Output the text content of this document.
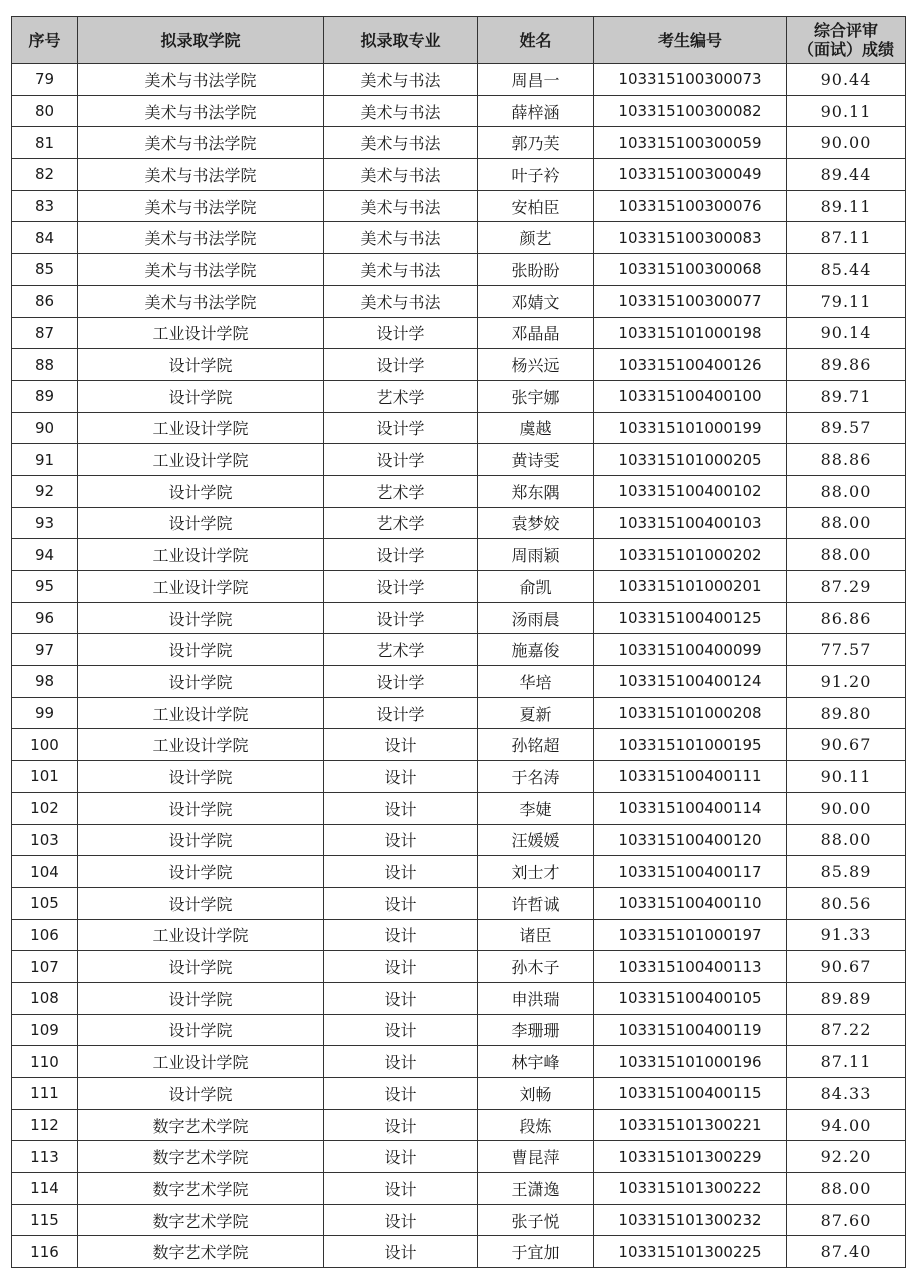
序号	拟录取学院	拟录取专业	姓名	考生编号	综合评审
（面试）成绩

79	美术与书法学院	美术与书法	周昌一	103315100300073	90.44
80	美术与书法学院	美术与书法	薛梓涵	103315100300082	90.11
81	美术与书法学院	美术与书法	郭乃芙	103315100300059	90.00
82	美术与书法学院	美术与书法	叶子衿	103315100300049	89.44
83	美术与书法学院	美术与书法	安柏臣	103315100300076	89.11
84	美术与书法学院	美术与书法	颜艺	103315100300083	87.11
85	美术与书法学院	美术与书法	张盼盼	103315100300068	85.44
86	美术与书法学院	美术与书法	邓婧文	103315100300077	79.11
87	工业设计学院	设计学	邓晶晶	103315101000198	90.14
88	设计学院	设计学	杨兴远	103315100400126	89.86
89	设计学院	艺术学	张宇娜	103315100400100	89.71
90	工业设计学院	设计学	虞越	103315101000199	89.57
91	工业设计学院	设计学	黄诗雯	103315101000205	88.86
92	设计学院	艺术学	郑东隅	103315100400102	88.00
93	设计学院	艺术学	袁梦姣	103315100400103	88.00
94	工业设计学院	设计学	周雨颖	103315101000202	88.00
95	工业设计学院	设计学	俞凯	103315101000201	87.29
96	设计学院	设计学	汤雨晨	103315100400125	86.86
97	设计学院	艺术学	施嘉俊	103315100400099	77.57
98	设计学院	设计学	华培	103315100400124	91.20
99	工业设计学院	设计学	夏新	103315101000208	89.80
100	工业设计学院	设计	孙铭超	103315101000195	90.67
101	设计学院	设计	于名涛	103315100400111	90.11
102	设计学院	设计	李婕	103315100400114	90.00
103	设计学院	设计	汪媛媛	103315100400120	88.00
104	设计学院	设计	刘士才	103315100400117	85.89
105	设计学院	设计	许哲诚	103315100400110	80.56
106	工业设计学院	设计	诸臣	103315101000197	91.33
107	设计学院	设计	孙木子	103315100400113	90.67
108	设计学院	设计	申洪瑞	103315100400105	89.89
109	设计学院	设计	李珊珊	103315100400119	87.22
110	工业设计学院	设计	林宇峰	103315101000196	87.11
111	设计学院	设计	刘畅	103315100400115	84.33
112	数字艺术学院	设计	段炼	103315101300221	94.00
113	数字艺术学院	设计	曹昆萍	103315101300229	92.20
114	数字艺术学院	设计	王潇逸	103315101300222	88.00
115	数字艺术学院	设计	张子悦	103315101300232	87.60
116	数字艺术学院	设计	于宜加	103315101300225	87.40
